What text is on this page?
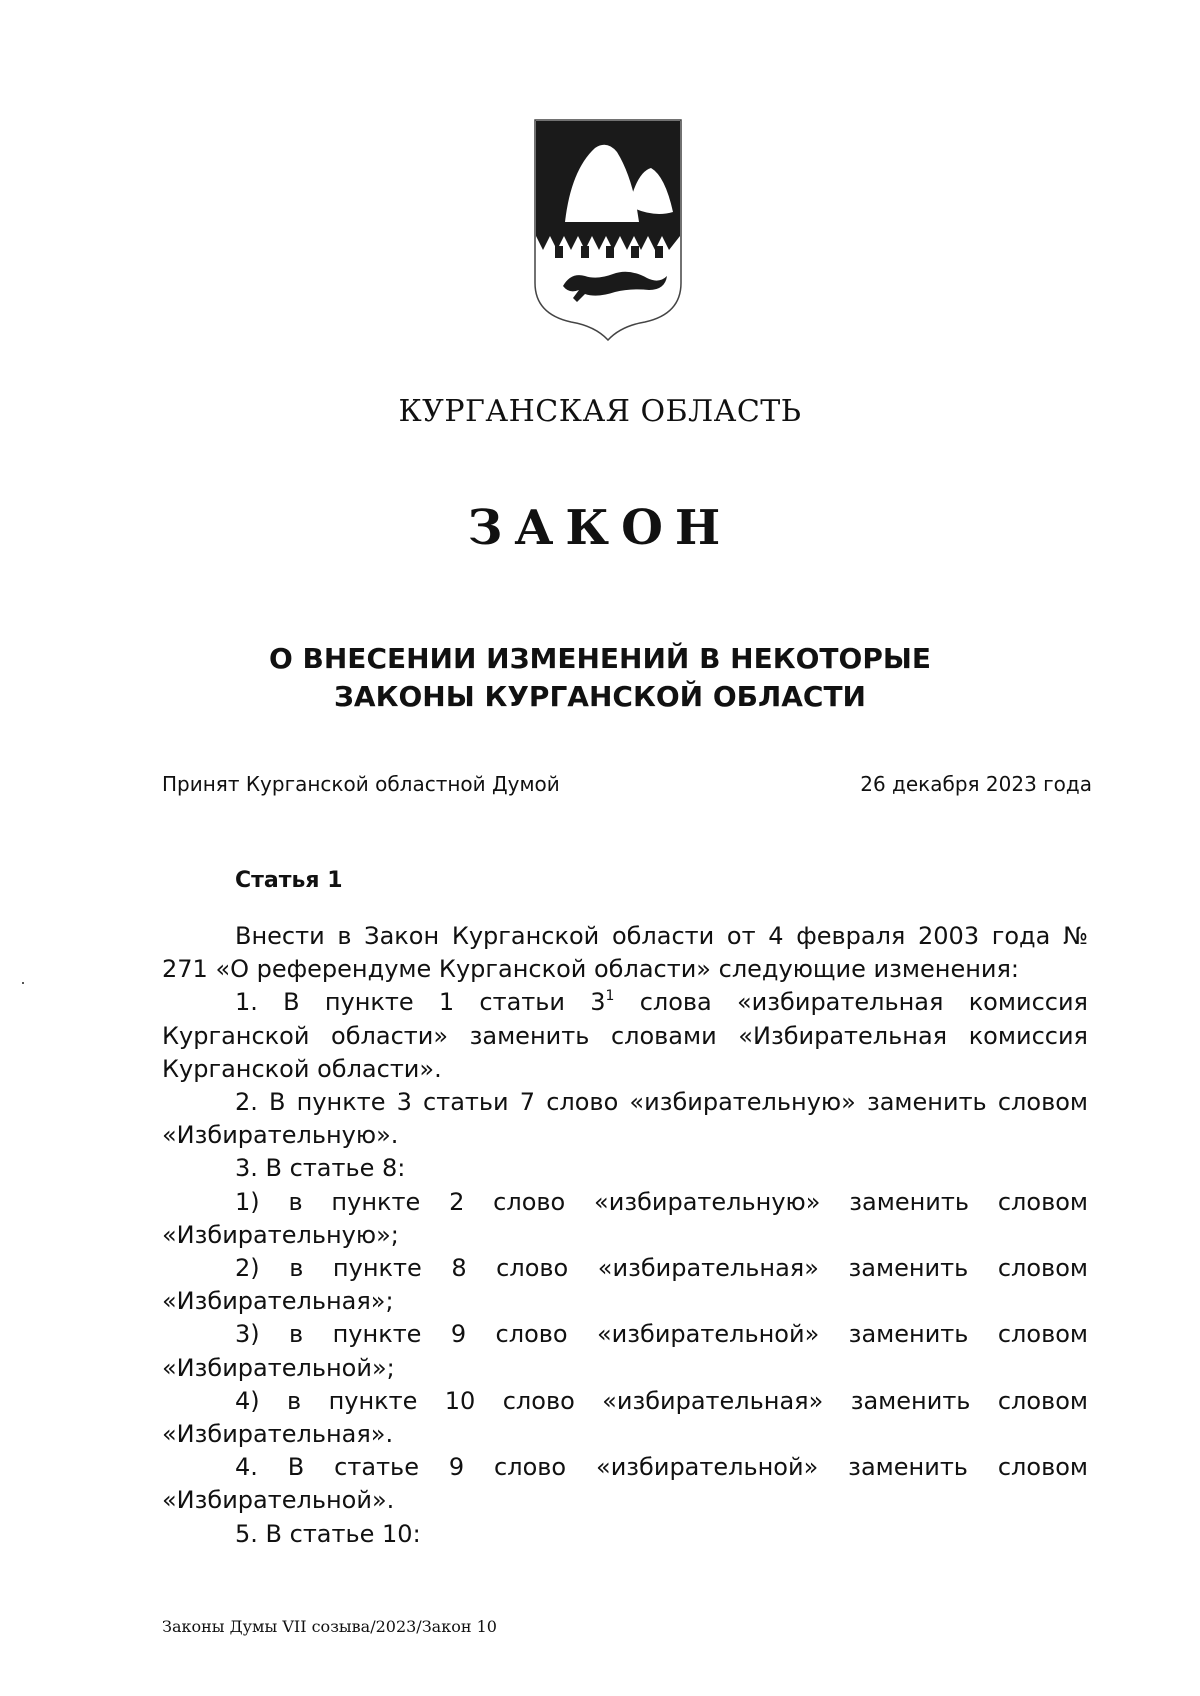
КУРГАНСКАЯ ОБЛАСТЬ
ЗАКОН
О ВНЕСЕНИИ ИЗМЕНЕНИЙ В НЕКОТОРЫЕ
ЗАКОНЫ КУРГАНСКОЙ ОБЛАСТИ
Принят Курганской областной Думой	26 декабря 2023 года
Статья 1

Внести в Закон Курганской области от 4 февраля 2003 года № 271 «О референдуме Курганской области» следующие изменения:

1. В пункте 1 статьи $3^1$ слова «избирательная комиссия Курганской области» заменить словами «Избирательная комиссия Курганской области».

2. В пункте 3 статьи 7 слово «избирательную» заменить словом «Избирательную».

3. В статье 8:

1) в пункте 2 слово «избирательную» заменить словом «Избирательную»;

2) в пункте 8 слово «избирательная» заменить словом «Избирательная»;

3) в пункте 9 слово «избирательной» заменить словом «Избирательной»;

4) в пункте 10 слово «избирательная» заменить словом «Избирательная».

4. В статье 9 слово «избирательной» заменить словом «Избирательной».

5. В статье 10:

Законы Думы VII созыва/2023/Закон 10
